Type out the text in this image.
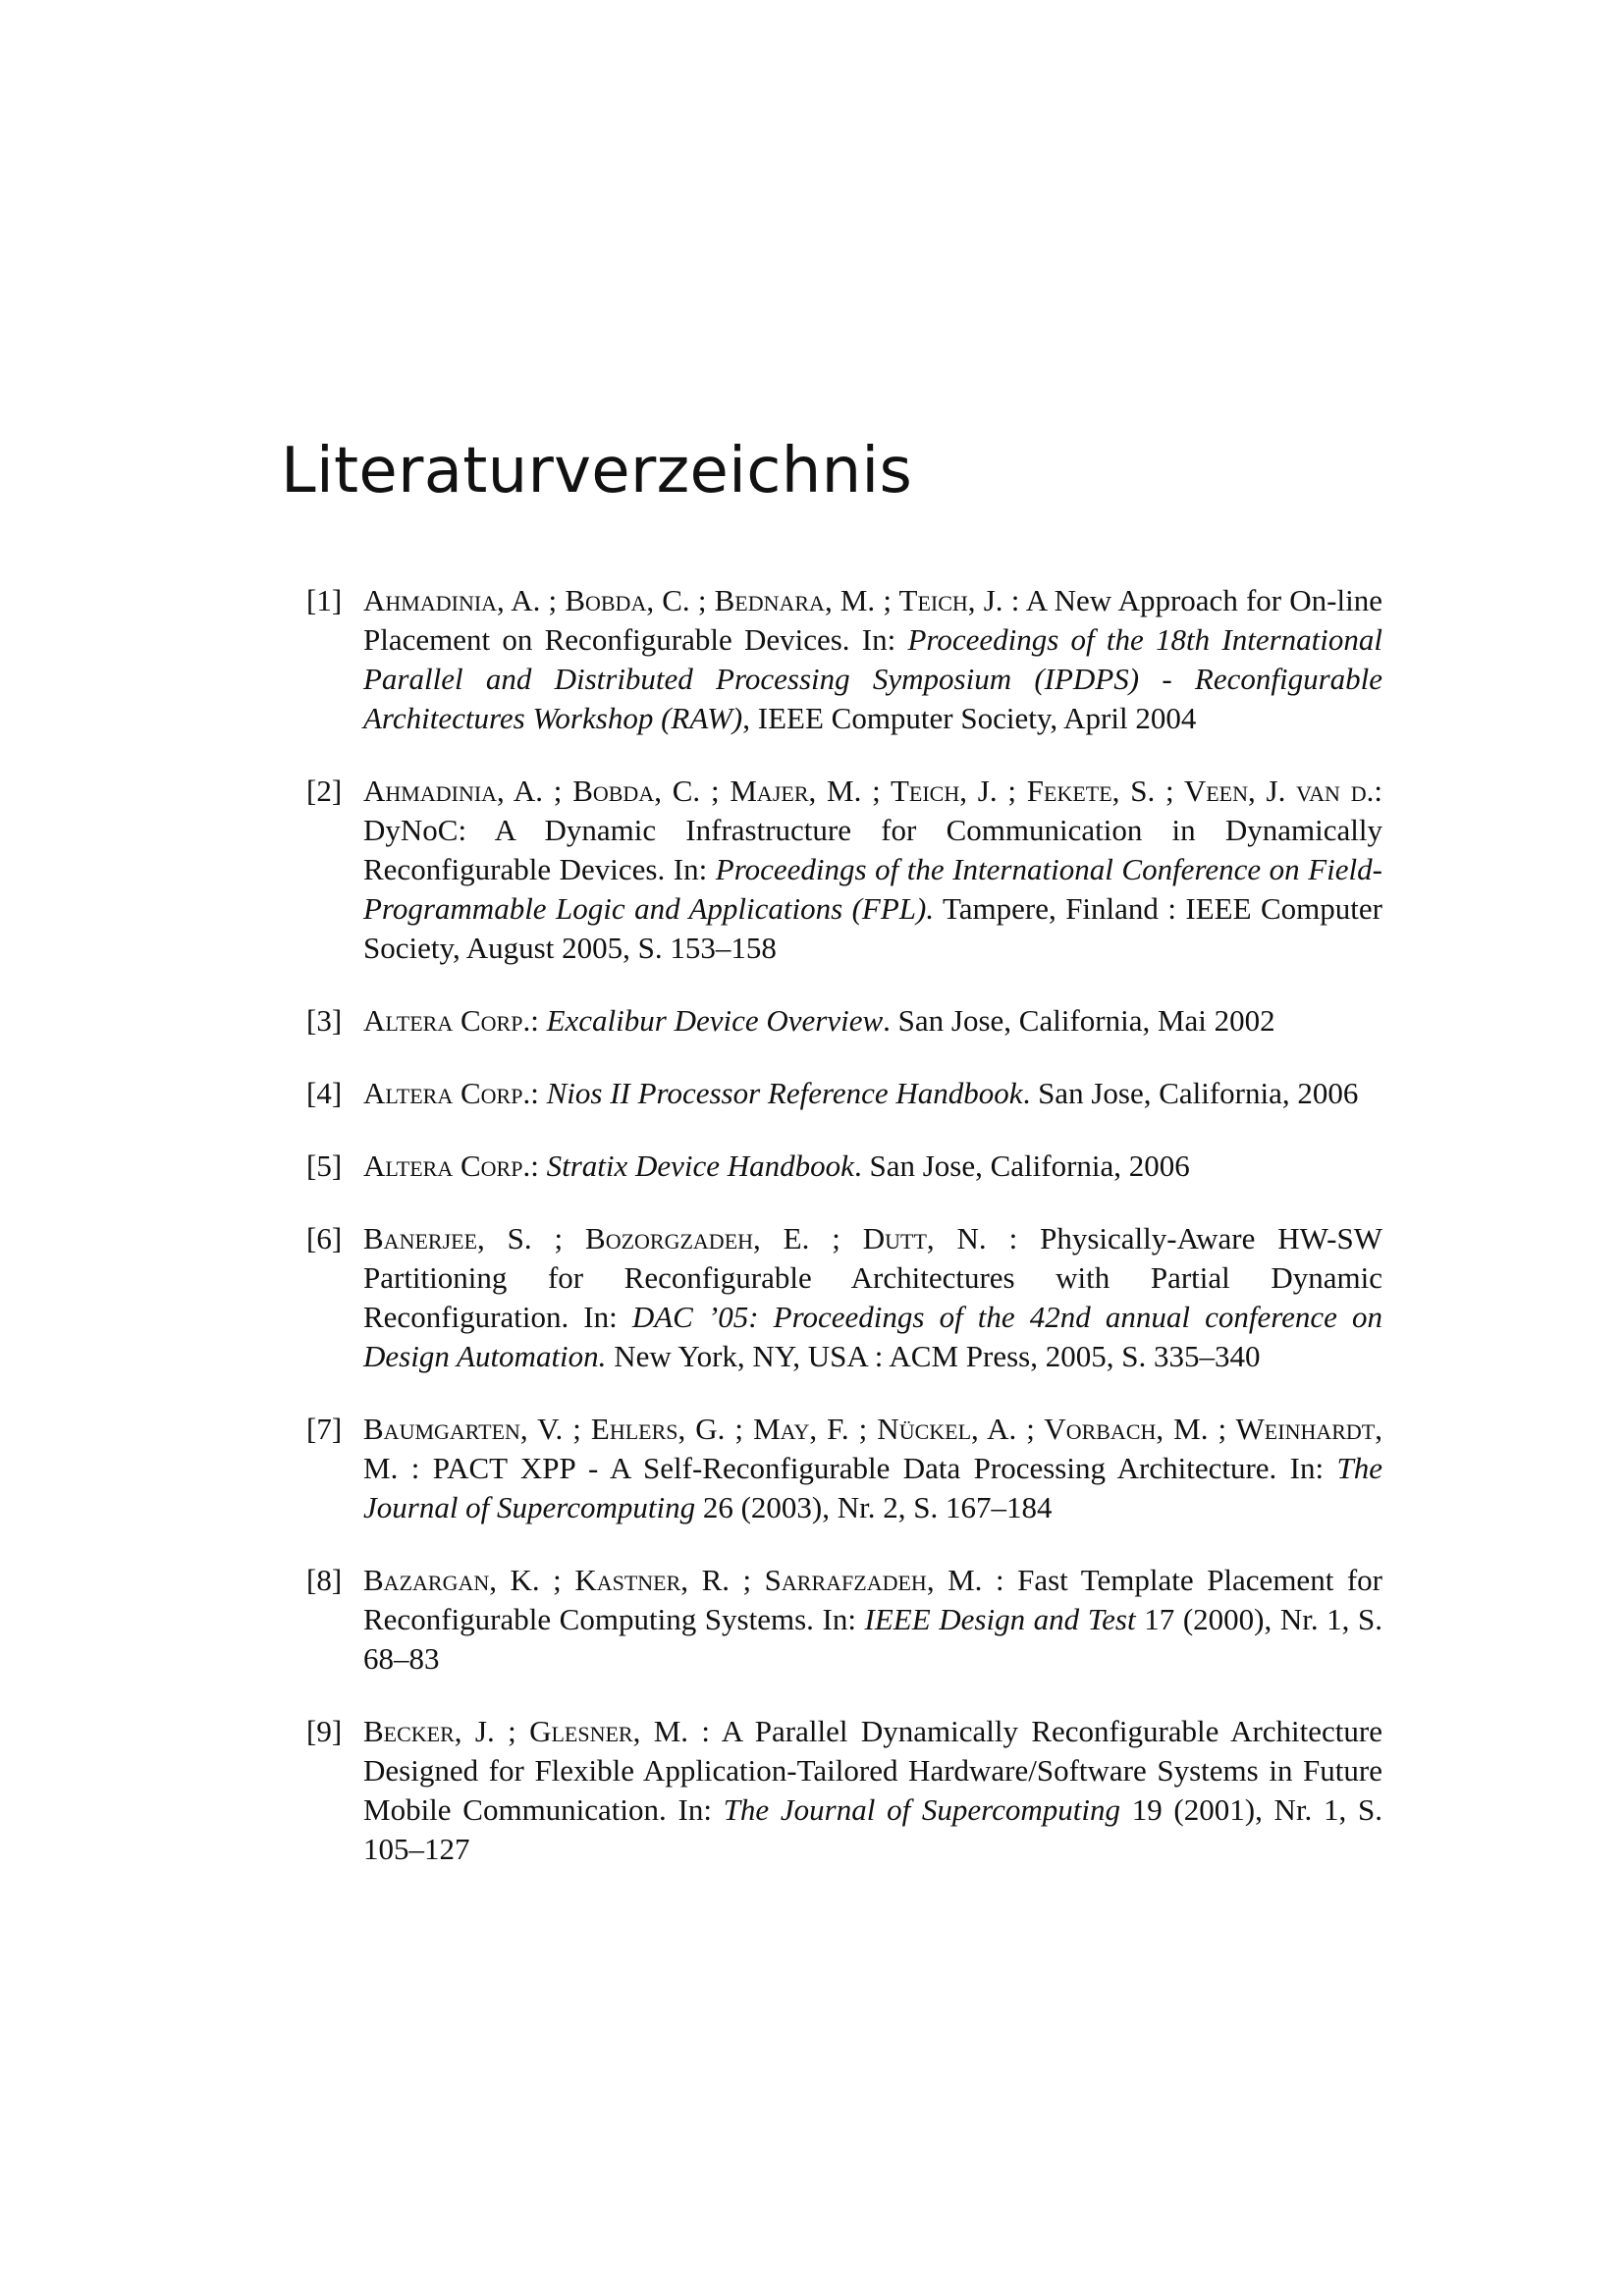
Literaturverzeichnis
[1] Ahmadinia, A. ; Bobda, C. ; Bednara, M. ; Teich, J. : A New Approach for On-line Placement on Reconfigurable Devices. In: Proceedings of the 18th International Parallel and Distributed Processing Symposium (IPDPS) - Reconfigurable Architectures Workshop (RAW), IEEE Computer Society, April 2004
[2] Ahmadinia, A. ; Bobda, C. ; Majer, M. ; Teich, J. ; Fekete, S. ; Veen, J. van d.: DyNoC: A Dynamic Infrastructure for Communication in Dynamically Reconfigurable Devices. In: Proceedings of the International Conference on Field-Programmable Logic and Applications (FPL). Tampere, Finland : IEEE Computer Society, August 2005, S. 153–158
[3] Altera Corp.: Excalibur Device Overview. San Jose, California, Mai 2002
[4] Altera Corp.: Nios II Processor Reference Handbook. San Jose, California, 2006
[5] Altera Corp.: Stratix Device Handbook. San Jose, California, 2006
[6] Banerjee, S. ; Bozorgzadeh, E. ; Dutt, N. : Physically-Aware HW-SW Partitioning for Reconfigurable Architectures with Partial Dynamic Reconfiguration. In: DAC ’05: Proceedings of the 42nd annual conference on Design Automation. New York, NY, USA : ACM Press, 2005, S. 335–340
[7] Baumgarten, V. ; Ehlers, G. ; May, F. ; Nückel, A. ; Vorbach, M. ; Weinhardt, M. : PACT XPP - A Self-Reconfigurable Data Processing Architecture. In: The Journal of Supercomputing 26 (2003), Nr. 2, S. 167–184
[8] Bazargan, K. ; Kastner, R. ; Sarrafzadeh, M. : Fast Template Placement for Reconfigurable Computing Systems. In: IEEE Design and Test 17 (2000), Nr. 1, S. 68–83
[9] Becker, J. ; Glesner, M. : A Parallel Dynamically Reconfigurable Architecture Designed for Flexible Application-Tailored Hardware/Software Systems in Future Mobile Communication. In: The Journal of Supercomputing 19 (2001), Nr. 1, S. 105–127
